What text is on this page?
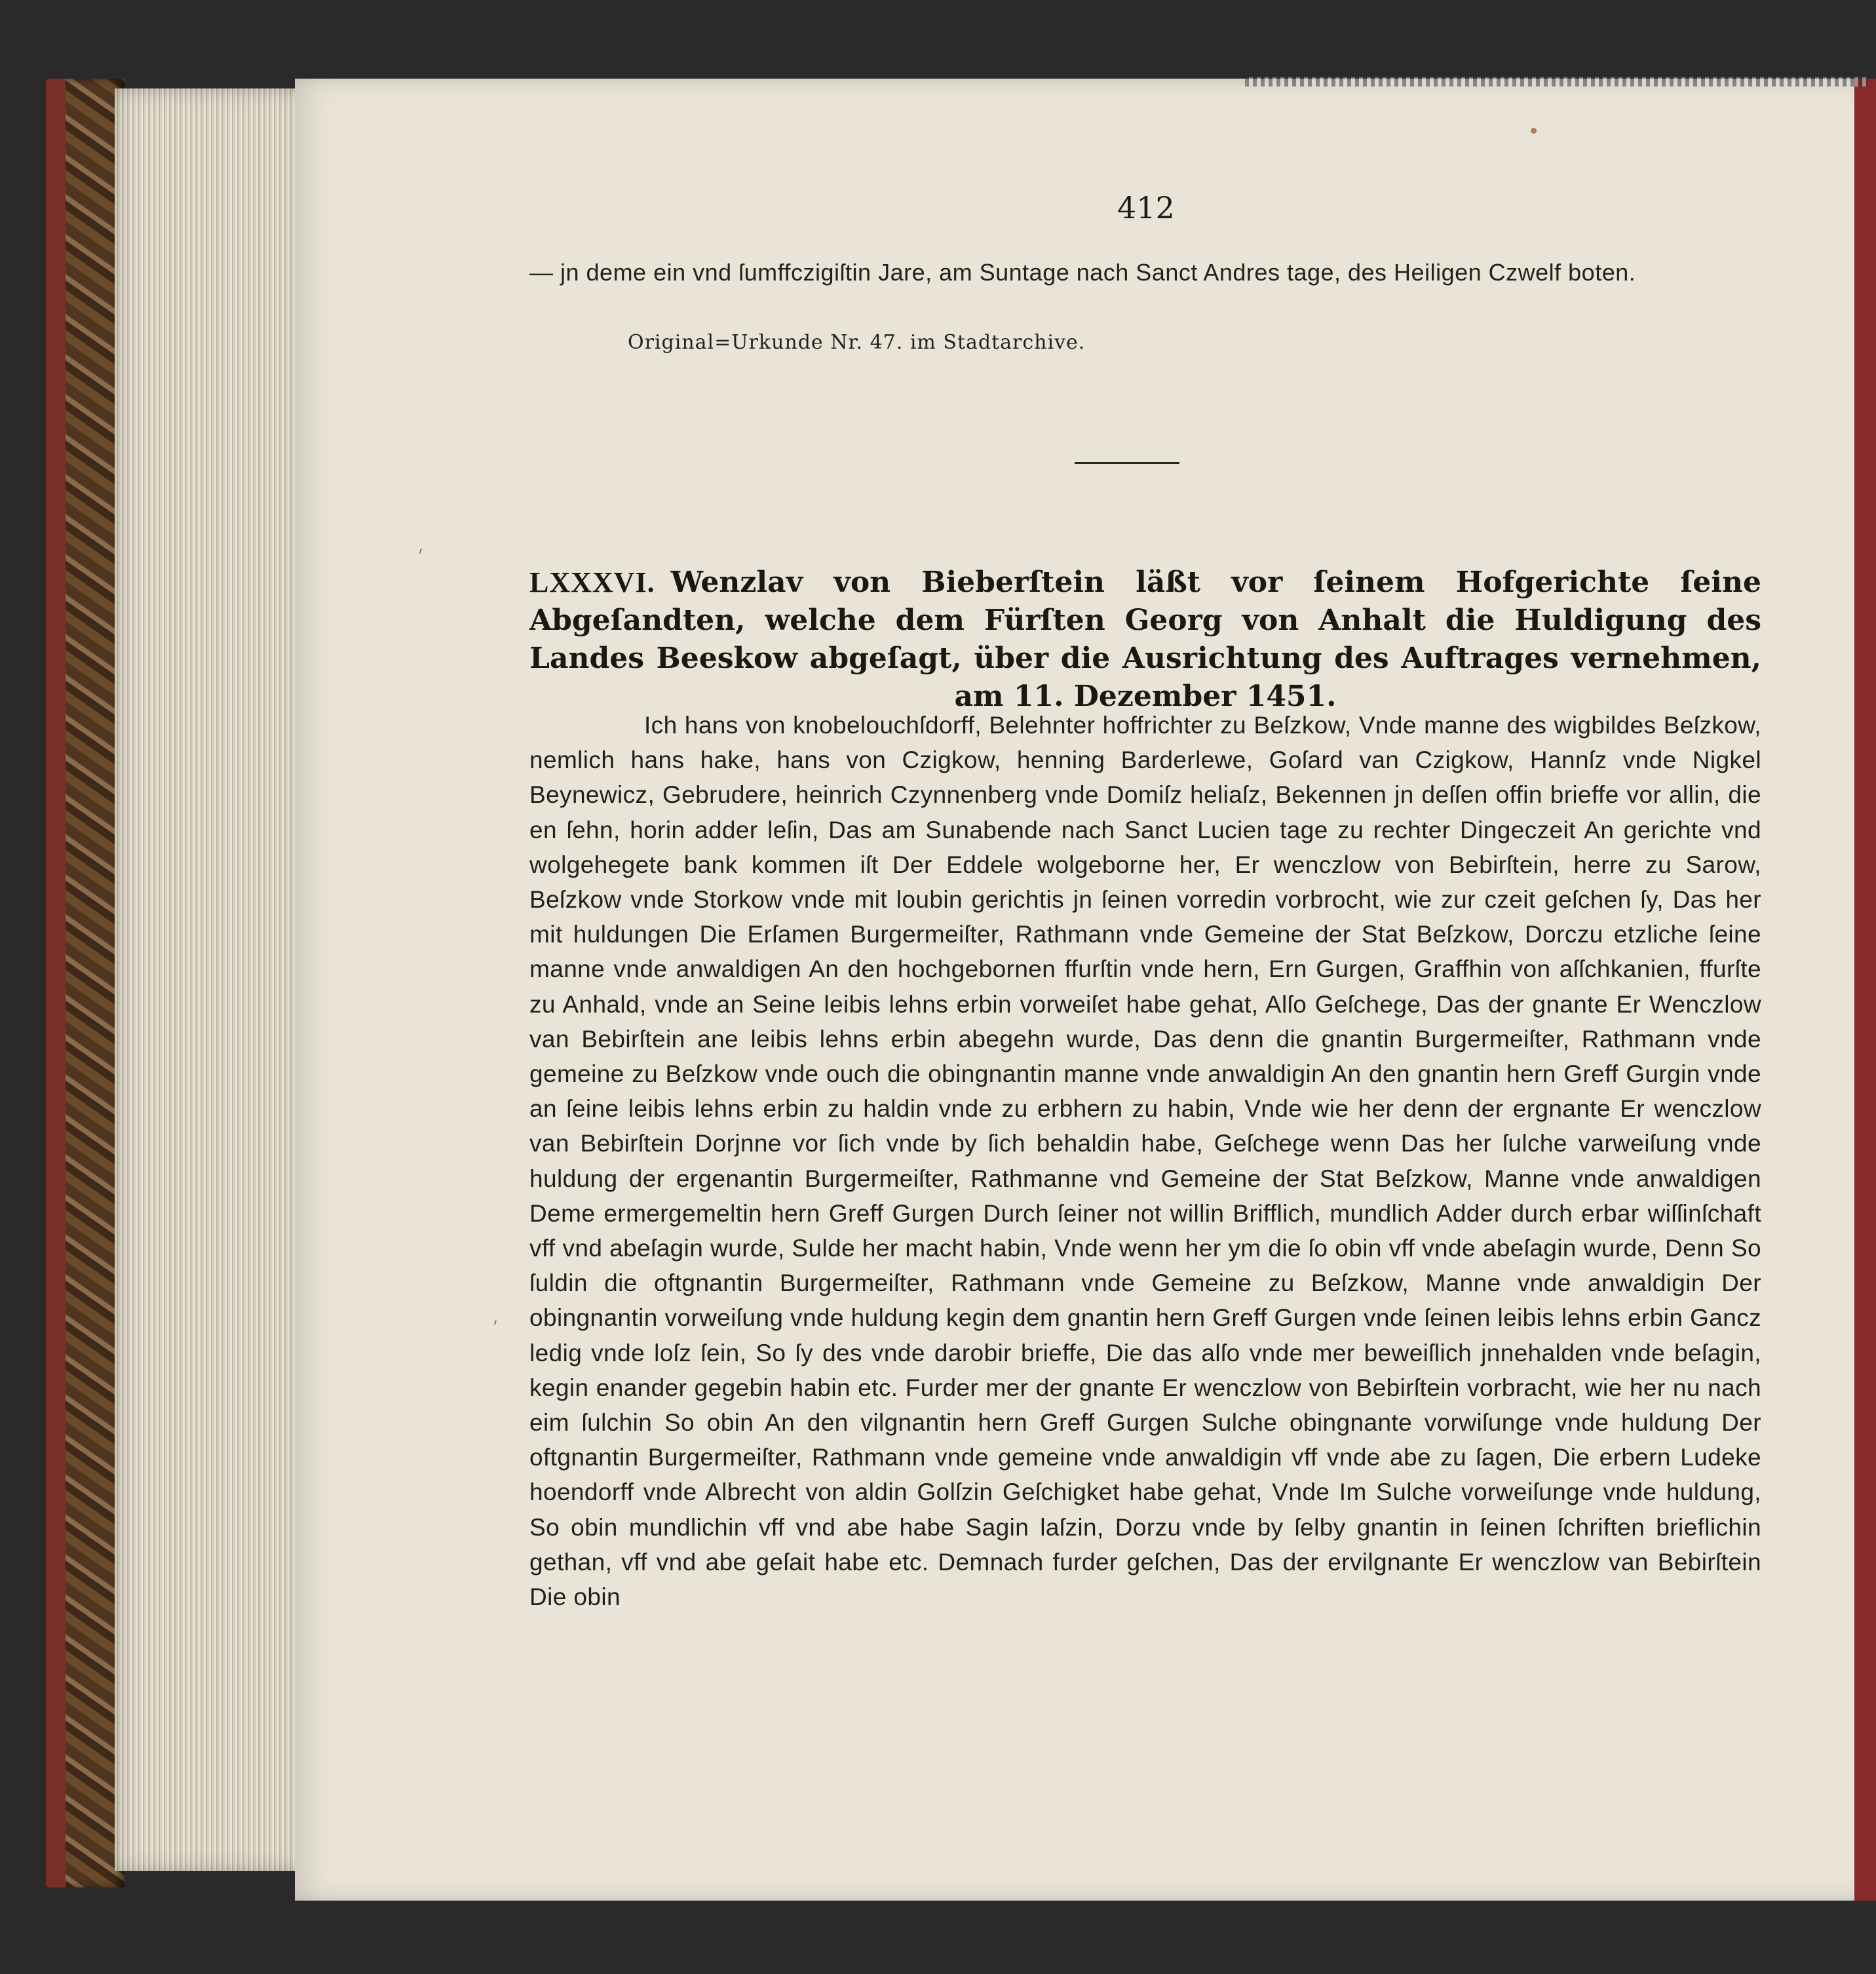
ˊ
ˊ
412
— jn deme ein vnd ſumffczigiſtin Jare, am Suntage nach Sanct Andres tage, des Heiligen Czwelf boten.
Original=Urkunde Nr. 47. im Stadtarchive.
LXXXVI. Wenzlav von Bieberſtein läßt vor ſeinem Hofgerichte ſeine Abgeſandten, welche dem Fürſten Georg von Anhalt die Huldigung des Landes Beeskow abgeſagt, über die Ausrichtung des Auftrages vernehmen, am 11. Dezember 1451.

Ich hans von knobelouchſdorff, Belehnter hoffrichter zu Beſzkow, Vnde manne des wigbildes Beſzkow, nemlich hans hake, hans von Czigkow, henning Barderlewe, Goſard van Czigkow, Hannſz vnde Nigkel Beynewicz, Gebrudere, heinrich Czynnenberg vnde Domiſz heliaſz, Bekennen jn deſſen offin brieffe vor allin, die en ſehn, horin adder leſin, Das am Sunabende nach Sanct Lucien tage zu rechter Dingeczeit An gerichte vnd wolgehegete bank kommen iſt Der Eddele wolgeborne her, Er wenczlow von Bebirſtein, herre zu Sarow, Beſzkow vnde Storkow vnde mit loubin gerichtis jn ſeinen vorredin vorbrocht, wie zur czeit geſchen ſy, Das her mit huldungen Die Erſamen Burgermeiſter, Rathmann vnde Gemeine der Stat Beſzkow, Dorczu etzliche ſeine manne vnde anwaldigen An den hochgebornen ffurſtin vnde hern, Ern Gurgen, Graffhin von aſſchkanien, ffurſte zu Anhald, vnde an Seine leibis lehns erbin vorweiſet habe gehat, Alſo Geſchege, Das der gnante Er Wenczlow van Bebirſtein ane leibis lehns erbin abegehn wurde, Das denn die gnantin Burgermeiſter, Rathmann vnde gemeine zu Beſzkow vnde ouch die obingnantin manne vnde anwaldigin An den gnantin hern Greff Gurgin vnde an ſeine leibis lehns erbin zu haldin vnde zu erbhern zu habin, Vnde wie her denn der ergnante Er wenczlow van Bebirſtein Dorjnne vor ſich vnde by ſich behaldin habe, Geſchege wenn Das her ſulche varweiſung vnde huldung der ergenantin Burgermeiſter, Rathmanne vnd Gemeine der Stat Beſzkow, Manne vnde anwaldigen Deme ermergemeltin hern Greff Gurgen Durch ſeiner not willin Brifflich, mundlich Adder durch erbar wiſſinſchaft vff vnd abeſagin wurde, Sulde her macht habin, Vnde wenn her ym die ſo obin vff vnde abeſagin wurde, Denn So ſuldin die oftgnantin Burgermeiſter, Rathmann vnde Gemeine zu Beſzkow, Manne vnde anwaldigin Der obingnantin vorweiſung vnde huldung kegin dem gnantin hern Greff Gurgen vnde ſeinen leibis lehns erbin Gancz ledig vnde loſz ſein, So ſy des vnde darobir brieffe, Die das alſo vnde mer beweiſlich jnnehalden vnde beſagin, kegin enander gegebin habin etc. Furder mer der gnante Er wenczlow von Bebirſtein vorbracht, wie her nu nach eim ſulchin So obin An den vilgnantin hern Greff Gurgen Sulche obingnante vorwiſunge vnde huldung Der oftgnantin Burgermeiſter, Rathmann vnde gemeine vnde anwaldigin vff vnde abe zu ſagen, Die erbern Ludeke hoendorff vnde Albrecht von aldin Golſzin Geſchigket habe gehat, Vnde Im Sulche vorweiſunge vnde huldung, So obin mundlichin vff vnd abe habe Sagin laſzin, Dorzu vnde by ſelby gnantin in ſeinen ſchriften brieflichin gethan, vff vnd abe geſait habe etc. Demnach furder geſchen, Das der ervilgnante Er wenczlow van Bebirſtein Die obin
